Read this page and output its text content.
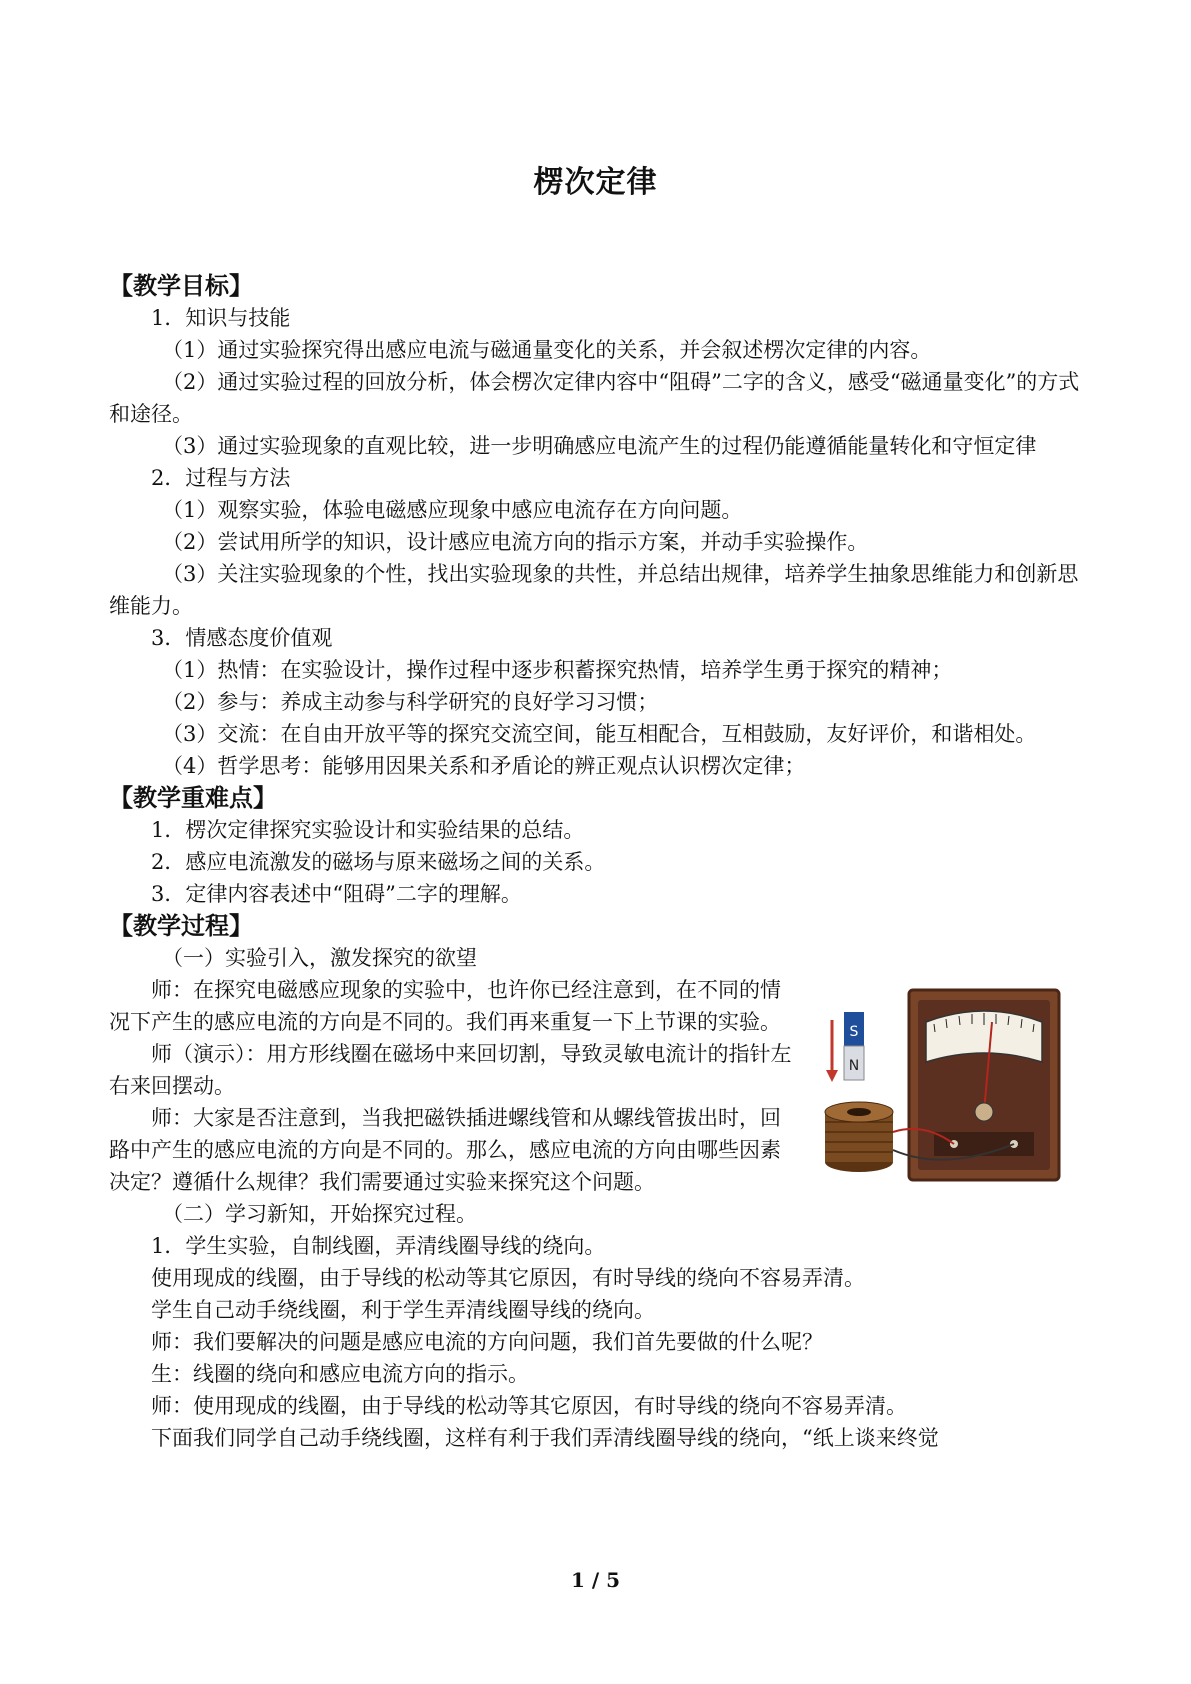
楞次定律

【教学目标】

1．知识与技能

（1）通过实验探究得出感应电流与磁通量变化的关系，并会叙述楞次定律的内容。

（2）通过实验过程的回放分析，体会楞次定律内容中“阻碍”二字的含义，感受“磁通量变化”的方式和途径。

（3）通过实验现象的直观比较，进一步明确感应电流产生的过程仍能遵循能量转化和守恒定律

2．过程与方法

（1）观察实验，体验电磁感应现象中感应电流存在方向问题。

（2）尝试用所学的知识，设计感应电流方向的指示方案，并动手实验操作。

（3）关注实验现象的个性，找出实验现象的共性，并总结出规律，培养学生抽象思维能力和创新思维能力。

3．情感态度价值观

（1）热情：在实验设计，操作过程中逐步积蓄探究热情，培养学生勇于探究的精神；

（2）参与：养成主动参与科学研究的良好学习习惯；

（3）交流：在自由开放平等的探究交流空间，能互相配合，互相鼓励，友好评价，和谐相处。

（4）哲学思考：能够用因果关系和矛盾论的辨正观点认识楞次定律；

【教学重难点】

1．楞次定律探究实验设计和实验结果的总结。

2．感应电流激发的磁场与原来磁场之间的关系。

3．定律内容表述中“阻碍”二字的理解。

【教学过程】

（一）实验引入，激发探究的欲望

S
N

师：在探究电磁感应现象的实验中，也许你已经注意到，在不同的情况下产生的感应电流的方向是不同的。我们再来重复一下上节课的实验。

师（演示）：用方形线圈在磁场中来回切割，导致灵敏电流计的指针左右来回摆动。

师：大家是否注意到，当我把磁铁插进螺线管和从螺线管拔出时，回路中产生的感应电流的方向是不同的。那么，感应电流的方向由哪些因素决定？遵循什么规律？我们需要通过实验来探究这个问题。

（二）学习新知，开始探究过程。

1．学生实验，自制线圈，弄清线圈导线的绕向。

使用现成的线圈，由于导线的松动等其它原因，有时导线的绕向不容易弄清。

学生自己动手绕线圈，利于学生弄清线圈导线的绕向。

师：我们要解决的问题是感应电流的方向问题，我们首先要做的什么呢？

生：线圈的绕向和感应电流方向的指示。

师：使用现成的线圈，由于导线的松动等其它原因，有时导线的绕向不容易弄清。

下面我们同学自己动手绕线圈，这样有利于我们弄清线圈导线的绕向，“纸上谈来终觉

1 / 5
